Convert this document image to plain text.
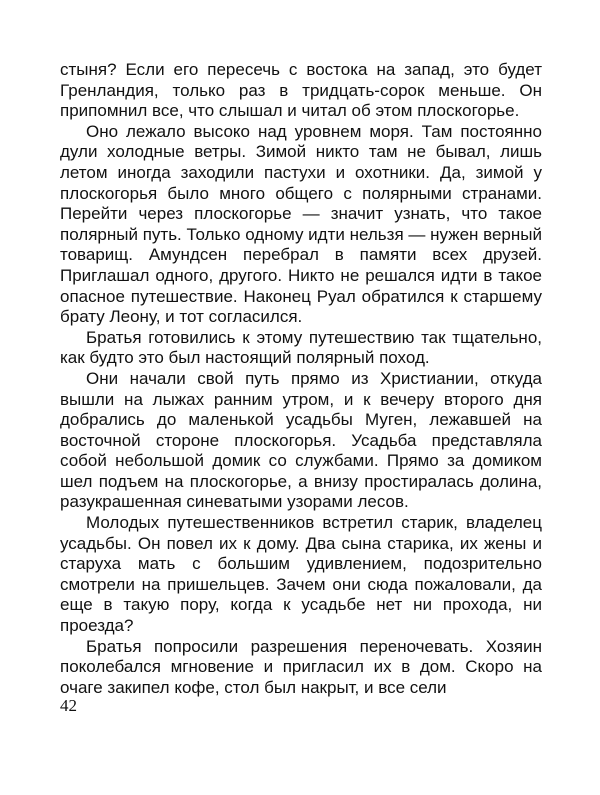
стыня? Если его пересечь с востока на запад, это будет Гренландия, только раз в тридцать-сорок меньше. Он припомнил все, что слышал и читал об этом плоскогорье.

Оно лежало высоко над уровнем моря. Там постоянно дули холодные ветры. Зимой никто там не бывал, лишь летом иногда заходили пастухи и охотники. Да, зимой у плоскогорья было много общего с полярными странами. Перейти через плоскогорье — значит узнать, что такое полярный путь. Только одному идти нельзя — нужен верный товарищ. Амундсен перебрал в памяти всех друзей. Приглашал одного, другого. Никто не решался идти в такое опасное путешествие. Наконец Руал обратился к старшему брату Леону, и тот согласился.

Братья готовились к этому путешествию так тщательно, как будто это был настоящий полярный поход.

Они начали свой путь прямо из Христиании, откуда вышли на лыжах ранним утром, и к вечеру второго дня добрались до маленькой усадьбы Муген, лежавшей на восточной стороне плоскогорья. Усадьба представляла собой небольшой домик со службами. Прямо за домиком шел подъем на плоскогорье, а внизу простиралась долина, разукрашенная синеватыми узорами лесов.

Молодых путешественников встретил старик, владелец усадьбы. Он повел их к дому. Два сына старика, их жены и старуха мать с большим удивлением, подозрительно смотрели на пришельцев. Зачем они сюда пожаловали, да еще в такую пору, когда к усадьбе нет ни прохода, ни проезда?

Братья попросили разрешения переночевать. Хозяин поколебался мгновение и пригласил их в дом. Скоро на очаге закипел кофе, стол был накрыт, и все сели

42
